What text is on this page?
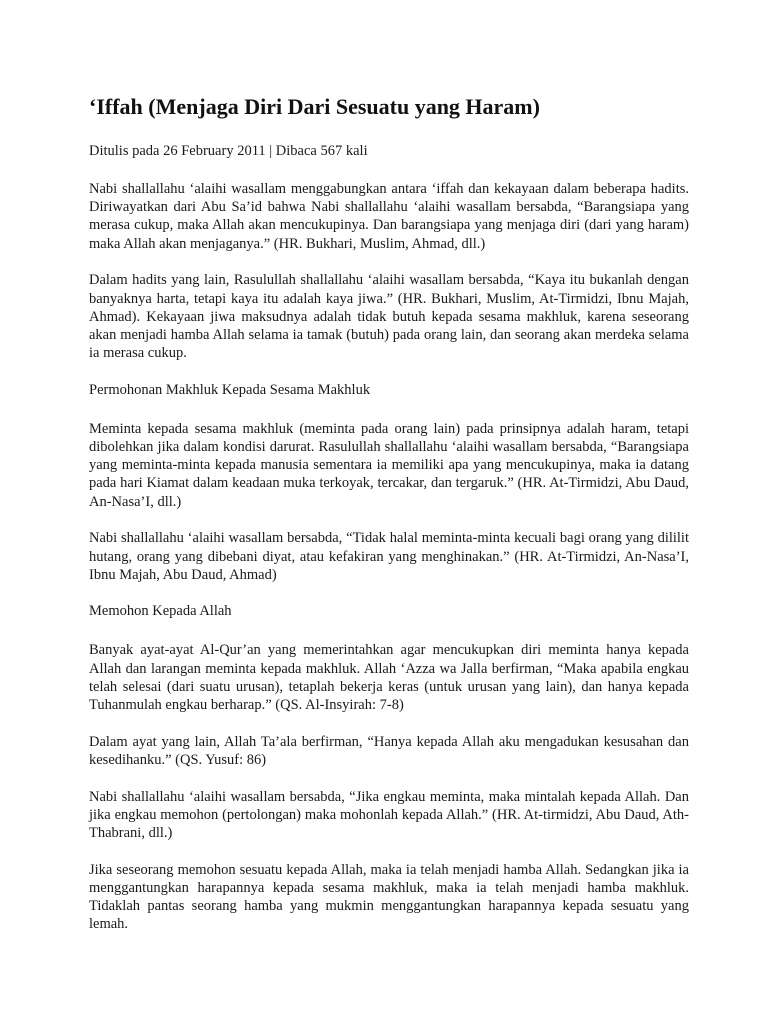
‘Iffah (Menjaga Diri Dari Sesuatu yang Haram)
Ditulis pada 26 February 2011 | Dibaca 567 kali

Nabi shallallahu ‘alaihi wasallam menggabungkan antara ‘iffah dan kekayaan dalam beberapa hadits. Diriwayatkan dari Abu Sa’id bahwa Nabi shallallahu ‘alaihi wasallam bersabda, “Barangsiapa yang merasa cukup, maka Allah akan mencukupinya. Dan barangsiapa yang menjaga diri (dari yang haram) maka Allah akan menjaganya.” (HR. Bukhari, Muslim, Ahmad, dll.)

Dalam hadits yang lain, Rasulullah shallallahu ‘alaihi wasallam bersabda, “Kaya itu bukanlah dengan banyaknya harta, tetapi kaya itu adalah kaya jiwa.” (HR. Bukhari, Muslim, At-Tirmidzi, Ibnu Majah, Ahmad). Kekayaan jiwa maksudnya adalah tidak butuh kepada sesama makhluk, karena seseorang akan menjadi hamba Allah selama ia tamak (butuh) pada orang lain, dan seorang akan merdeka selama ia merasa cukup.

Permohonan Makhluk Kepada Sesama Makhluk

Meminta kepada sesama makhluk (meminta pada orang lain) pada prinsipnya adalah haram, tetapi dibolehkan jika dalam kondisi darurat. Rasulullah shallallahu ‘alaihi wasallam bersabda, “Barangsiapa yang meminta-minta kepada manusia sementara ia memiliki apa yang mencukupinya, maka ia datang pada hari Kiamat dalam keadaan muka terkoyak, tercakar, dan tergaruk.” (HR. At-Tirmidzi, Abu Daud, An-Nasa’I, dll.)

Nabi shallallahu ‘alaihi wasallam bersabda, “Tidak halal meminta-minta kecuali bagi orang yang dililit hutang, orang yang dibebani diyat, atau kefakiran yang menghinakan.” (HR. At-Tirmidzi, An-Nasa’I, Ibnu Majah, Abu Daud, Ahmad)

Memohon Kepada Allah

Banyak ayat-ayat Al-Qur’an yang memerintahkan agar mencukupkan diri meminta hanya kepada Allah dan larangan meminta kepada makhluk. Allah ‘Azza wa Jalla berfirman, “Maka apabila engkau telah selesai (dari suatu urusan), tetaplah bekerja keras (untuk urusan yang lain), dan hanya kepada Tuhanmulah engkau berharap.” (QS. Al-Insyirah: 7-8)

Dalam ayat yang lain, Allah Ta’ala berfirman, “Hanya kepada Allah aku mengadukan kesusahan dan kesedihanku.” (QS. Yusuf: 86)

Nabi shallallahu ‘alaihi wasallam bersabda, “Jika engkau meminta, maka mintalah kepada Allah. Dan jika engkau memohon (pertolongan) maka mohonlah kepada Allah.” (HR. At-tirmidzi, Abu Daud, Ath-Thabrani, dll.)

Jika seseorang memohon sesuatu kepada Allah, maka ia telah menjadi hamba Allah. Sedangkan jika ia menggantungkan harapannya kepada sesama makhluk, maka ia telah menjadi hamba makhluk. Tidaklah pantas seorang hamba yang mukmin menggantungkan harapannya kepada sesuatu yang lemah.
